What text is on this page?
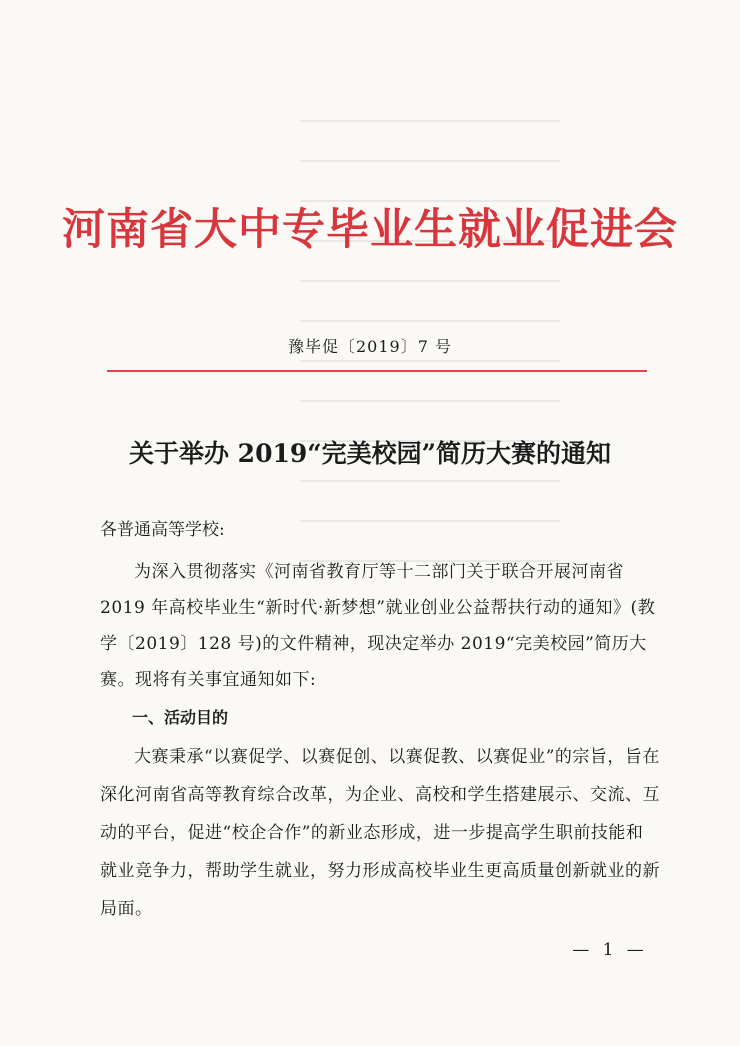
河南省大中专毕业生就业促进会
豫毕促〔2019〕7 号
关于举办 2019“完美校园”简历大赛的通知

各普通高等学校:

为深入贯彻落实《河南省教育厅等十二部门关于联合开展河南省 2019 年高校毕业生“新时代·新梦想”就业创业公益帮扶行动的通知》(教学〔2019〕128 号)的文件精神，现决定举办 2019“完美校园”简历大赛。现将有关事宜通知如下:

一、活动目的

大赛秉承“以赛促学、以赛促创、以赛促教、以赛促业”的宗旨，旨在深化河南省高等教育综合改革，为企业、高校和学生搭建展示、交流、互动的平台，促进“校企合作”的新业态形成，进一步提高学生职前技能和就业竞争力，帮助学生就业，努力形成高校毕业生更高质量创新就业的新局面。

— 1 —
